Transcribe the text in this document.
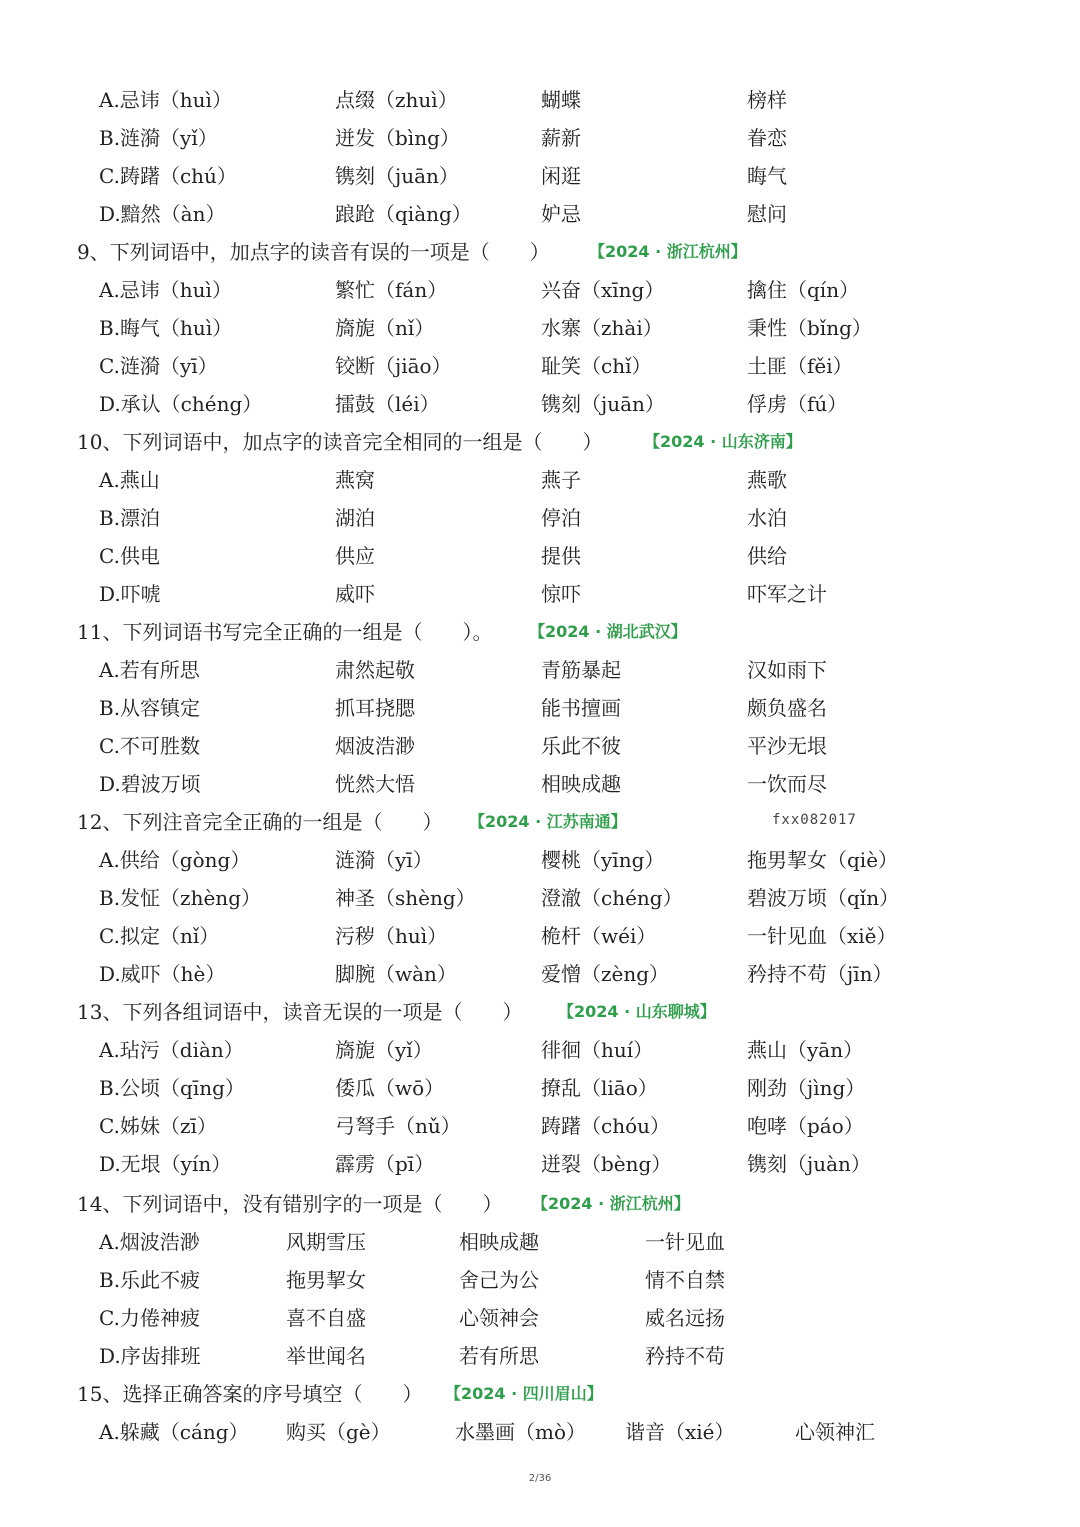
A.忌讳（huì）	点缀（zhuì）	蝴蝶	榜样
B.涟漪（yǐ）	迸发（bìng）	薪新	眷恋
C.踌躇（chú）	镌刻（juān）	闲逛	晦气
D.黯然（àn）	踉跄（qiàng）	妒忌	慰问
9、下列词语中，加点字的读音有误的一项是（　　） 【2024 · 浙江杭州】
A.忌讳（huì）	繁忙（fán）	兴奋（xīng）	擒住（qín）
B.晦气（huì）	旖旎（nǐ）	水寨（zhài）	秉性（bǐng）
C.涟漪（yī）	铰断（jiāo）	耻笑（chǐ）	土匪（fěi）
D.承认（chéng）	擂鼓（léi）	镌刻（juān）	俘虏（fú）
10、下列词语中，加点字的读音完全相同的一组是（　　）	【2024 · 山东济南】
A.燕山	燕窝	燕子	燕歌
B.漂泊	湖泊	停泊	水泊
C.供电	供应	提供	供给
D.吓唬	威吓	惊吓	吓军之计
11、下列词语书写完全正确的一组是（　　）。 【2024 · 湖北武汉】
A.若有所思	肃然起敬	青筋暴起	汉如雨下
B.从容镇定	抓耳挠腮	能书擅画	颇负盛名
C.不可胜数	烟波浩渺	乐此不彼	平沙无垠
D.碧波万顷	恍然大悟	相映成趣	一饮而尽
12、下列注音完全正确的一组是（　　） 【2024 · 江苏南通】	fxx082017
A.供给（gòng）	涟漪（yī）	樱桃（yīng）	拖男挈女（qiè）
B.发怔（zhèng）	神圣（shèng）	澄澈（chéng）	碧波万顷（qǐn）
C.拟定（nǐ）	污秽（huì）	桅杆（wéi）	一针见血（xiě）
D.威吓（hè）	脚腕（wàn）	爱憎（zèng）	矜持不苟（jīn）
13、下列各组词语中，读音无误的一项是（　　） 【2024 · 山东聊城】
A.玷污（diàn）	旖旎（yǐ）	徘徊（huí）	燕山（yān）
B.公顷（qīng）	倭瓜（wō）	撩乱（liāo）	刚劲（jìng）
C.姊妹（zī）	弓弩手（nǔ）	踌躇（chóu）	咆哮（páo）
D.无垠（yín）	霹雳（pī）	迸裂（bèng）	镌刻（juàn）
14、下列词语中，没有错别字的一项是（　　） 【2024 · 浙江杭州】
A.烟波浩渺	风期雪压	相映成趣	一针见血
B.乐此不疲	拖男挈女	舍己为公	情不自禁
C.力倦神疲	喜不自盛	心领神会	威名远扬
D.序齿排班	举世闻名	若有所思	矜持不苟
15、选择正确答案的序号填空（　　） 【2024 · 四川眉山】
A.躲藏（cáng） 购买（gè）	水墨画（mò） 谐音（xié）	心领神汇
2/36
